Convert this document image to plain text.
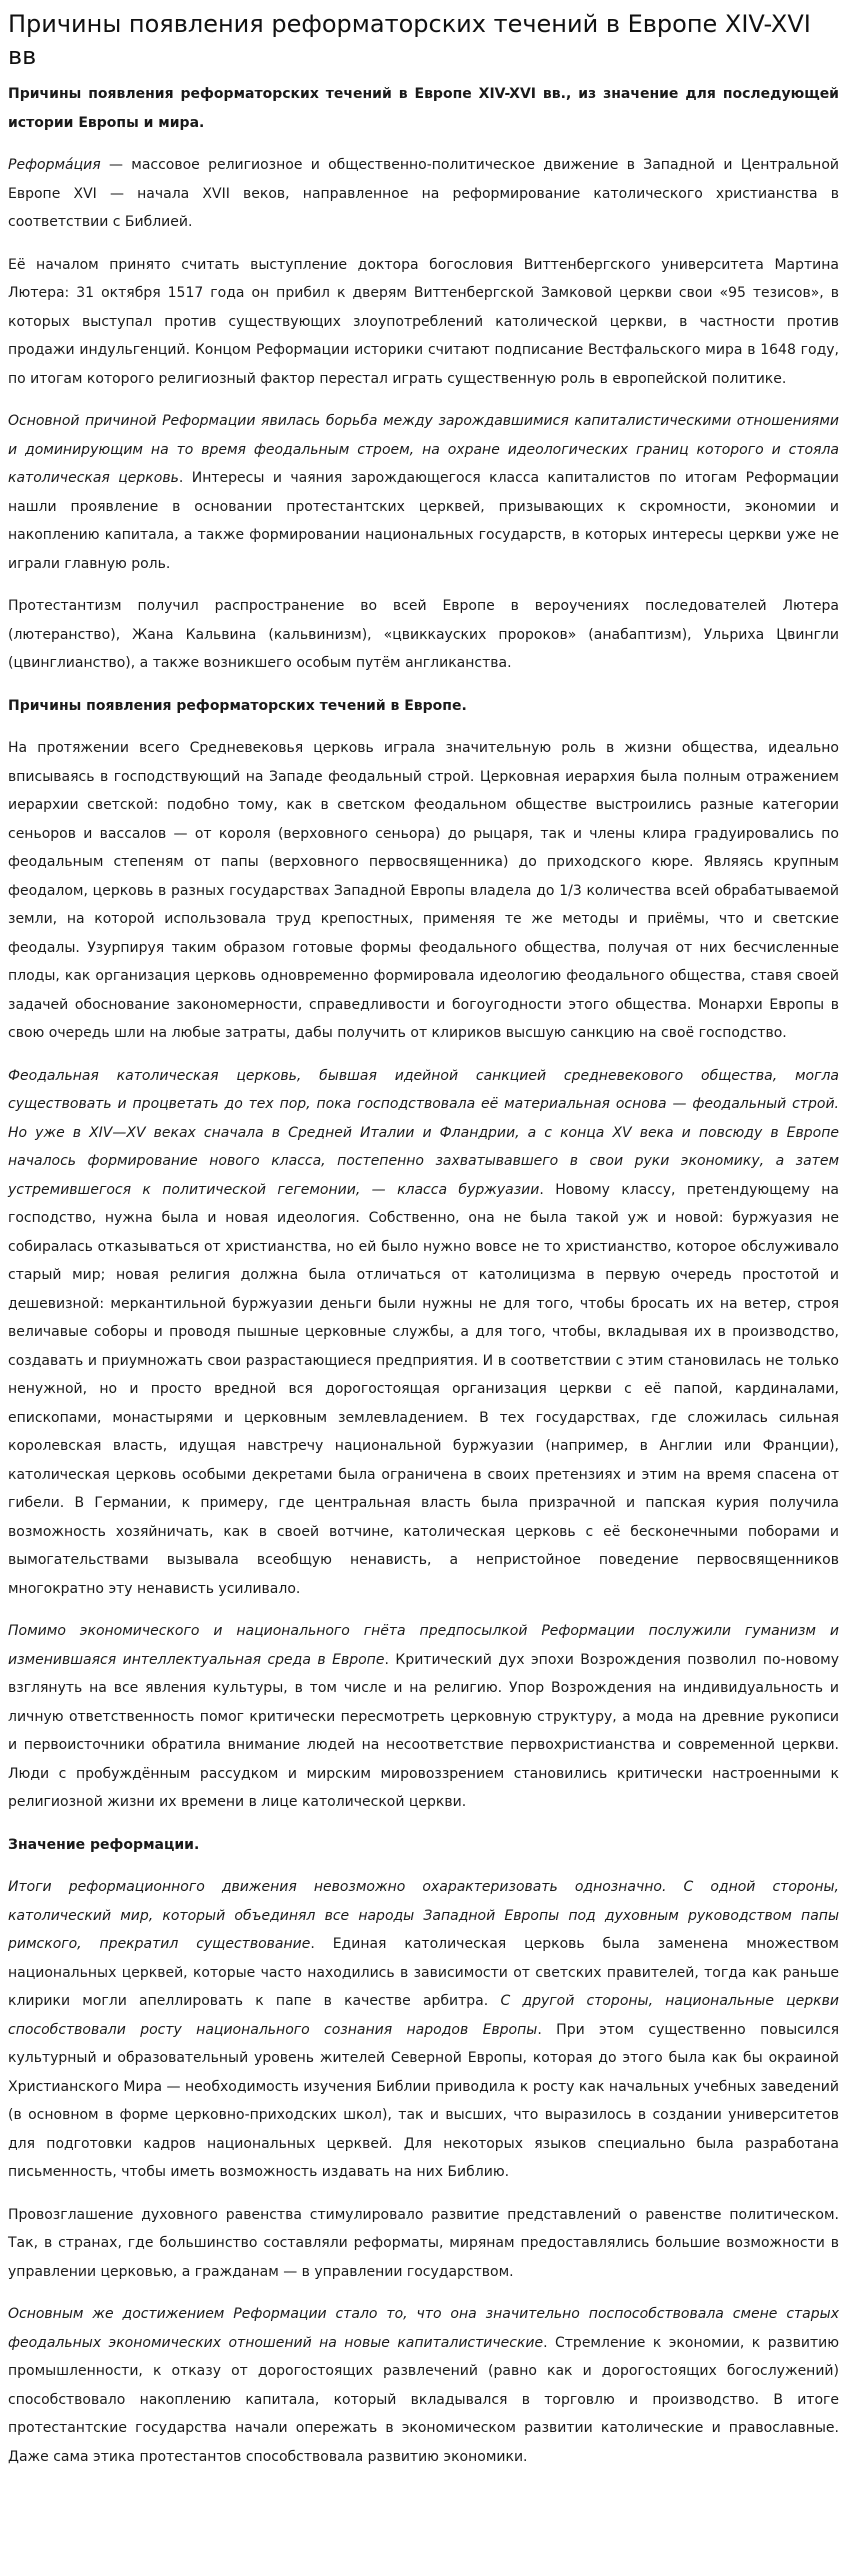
Причины появления реформаторских течений в Европе XIV-XVI вв

Причины появления реформаторских течений в Европе XIV-XVI вв., из значение для последующей истории Европы и мира.

Реформа́ция — массовое религиозное и общественно-политическое движение в Западной и Центральной Европе XVI — начала XVII веков, направленное на реформирование католического христианства в соответствии с Библией.

Её началом принято считать выступление доктора богословия Виттенбергского университета Мартина Лютера: 31 октября 1517 года он прибил к дверям Виттенбергской Замковой церкви свои «95 тезисов», в которых выступал против существующих злоупотреблений католической церкви, в частности против продажи индульгенций. Концом Реформации историки считают подписание Вестфальского мира в 1648 году, по итогам которого религиозный фактор перестал играть существенную роль в европейской политике.

Основной причиной Реформации явилась борьба между зарождавшимися капиталистическими отношениями и доминирующим на то время феодальным строем, на охране идеологических границ которого и стояла католическая церковь. Интересы и чаяния зарождающегося класса капиталистов по итогам Реформации нашли проявление в основании протестантских церквей, призывающих к скромности, экономии и накоплению капитала, а также формировании национальных государств, в которых интересы церкви уже не играли главную роль.

Протестантизм получил распространение во всей Европе в вероучениях последователей Лютера (лютеранство), Жана Кальвина (кальвинизм), «цвиккауских пророков» (анабаптизм), Ульриха Цвингли (цвинглианство), а также возникшего особым путём англиканства.

Причины появления реформаторских течений в Европе.

На протяжении всего Средневековья церковь играла значительную роль в жизни общества, идеально вписываясь в господствующий на Западе феодальный строй. Церковная иерархия была полным отражением иерархии светской: подобно тому, как в светском феодальном обществе выстроились разные категории сеньоров и вассалов — от короля (верховного сеньора) до рыцаря, так и члены клира градуировались по феодальным степеням от папы (верховного первосвященника) до приходского кюре. Являясь крупным феодалом, церковь в разных государствах Западной Европы владела до 1/3 количества всей обрабатываемой земли, на которой использовала труд крепостных, применяя те же методы и приёмы, что и светские феодалы. Узурпируя таким образом готовые формы феодального общества, получая от них бесчисленные плоды, как организация церковь одновременно формировала идеологию феодального общества, ставя своей задачей обоснование закономерности, справедливости и богоугодности этого общества. Монархи Европы в свою очередь шли на любые затраты, дабы получить от клириков высшую санкцию на своё господство.

Феодальная католическая церковь, бывшая идейной санкцией средневекового общества, могла существовать и процветать до тех пор, пока господствовала её материальная основа — феодальный строй. Но уже в XIV—XV веках сначала в Средней Италии и Фландрии, а с конца XV века и повсюду в Европе началось формирование нового класса, постепенно захватывавшего в свои руки экономику, а затем устремившегося к политической гегемонии, — класса буржуазии. Новому классу, претендующему на господство, нужна была и новая идеология. Собственно, она не была такой уж и новой: буржуазия не собиралась отказываться от христианства, но ей было нужно вовсе не то христианство, которое обслуживало старый мир; новая религия должна была отличаться от католицизма в первую очередь простотой и дешевизной: меркантильной буржуазии деньги были нужны не для того, чтобы бросать их на ветер, строя величавые соборы и проводя пышные церковные службы, а для того, чтобы, вкладывая их в производство, создавать и приумножать свои разрастающиеся предприятия. И в соответствии с этим становилась не только ненужной, но и просто вредной вся дорогостоящая организация церкви с её папой, кардиналами, епископами, монастырями и церковным землевладением. В тех государствах, где сложилась сильная королевская власть, идущая навстречу национальной буржуазии (например, в Англии или Франции), католическая церковь особыми декретами была ограничена в своих претензиях и этим на время спасена от гибели. В Германии, к примеру, где центральная власть была призрачной и папская курия получила возможность хозяйничать, как в своей вотчине, католическая церковь с её бесконечными поборами и вымогательствами вызывала всеобщую ненависть, а непристойное поведение первосвященников многократно эту ненависть усиливало.

Помимо экономического и национального гнёта предпосылкой Реформации послужили гуманизм и изменившаяся интеллектуальная среда в Европе. Критический дух эпохи Возрождения позволил по-новому взглянуть на все явления культуры, в том числе и на религию. Упор Возрождения на индивидуальность и личную ответственность помог критически пересмотреть церковную структуру, а мода на древние рукописи и первоисточники обратила внимание людей на несоответствие первохристианства и современной церкви. Люди с пробуждённым рассудком и мирским мировоззрением становились критически настроенными к религиозной жизни их времени в лице католической церкви.

Значение реформации.

Итоги реформационного движения невозможно охарактеризовать однозначно. С одной стороны, католический мир, который объединял все народы Западной Европы под духовным руководством папы римского, прекратил существование. Единая католическая церковь была заменена множеством национальных церквей, которые часто находились в зависимости от светских правителей, тогда как раньше клирики могли апеллировать к папе в качестве арбитра. С другой стороны, национальные церкви способствовали росту национального сознания народов Европы. При этом существенно повысился культурный и образовательный уровень жителей Северной Европы, которая до этого была как бы окраиной Христианского Мира — необходимость изучения Библии приводила к росту как начальных учебных заведений (в основном в форме церковно-приходских школ), так и высших, что выразилось в создании университетов для подготовки кадров национальных церквей. Для некоторых языков специально была разработана письменность, чтобы иметь возможность издавать на них Библию.

Провозглашение духовного равенства стимулировало развитие представлений о равенстве политическом. Так, в странах, где большинство составляли реформаты, мирянам предоставлялись большие возможности в управлении церковью, а гражданам — в управлении государством.

Основным же достижением Реформации стало то, что она значительно поспособствовала смене старых феодальных экономических отношений на новые капиталистические. Стремление к экономии, к развитию промышленности, к отказу от дорогостоящих развлечений (равно как и дорогостоящих богослужений) способствовало накоплению капитала, который вкладывался в торговлю и производство. В итоге протестантские государства начали опережать в экономическом развитии католические и православные. Даже сама этика протестантов способствовала развитию экономики.
